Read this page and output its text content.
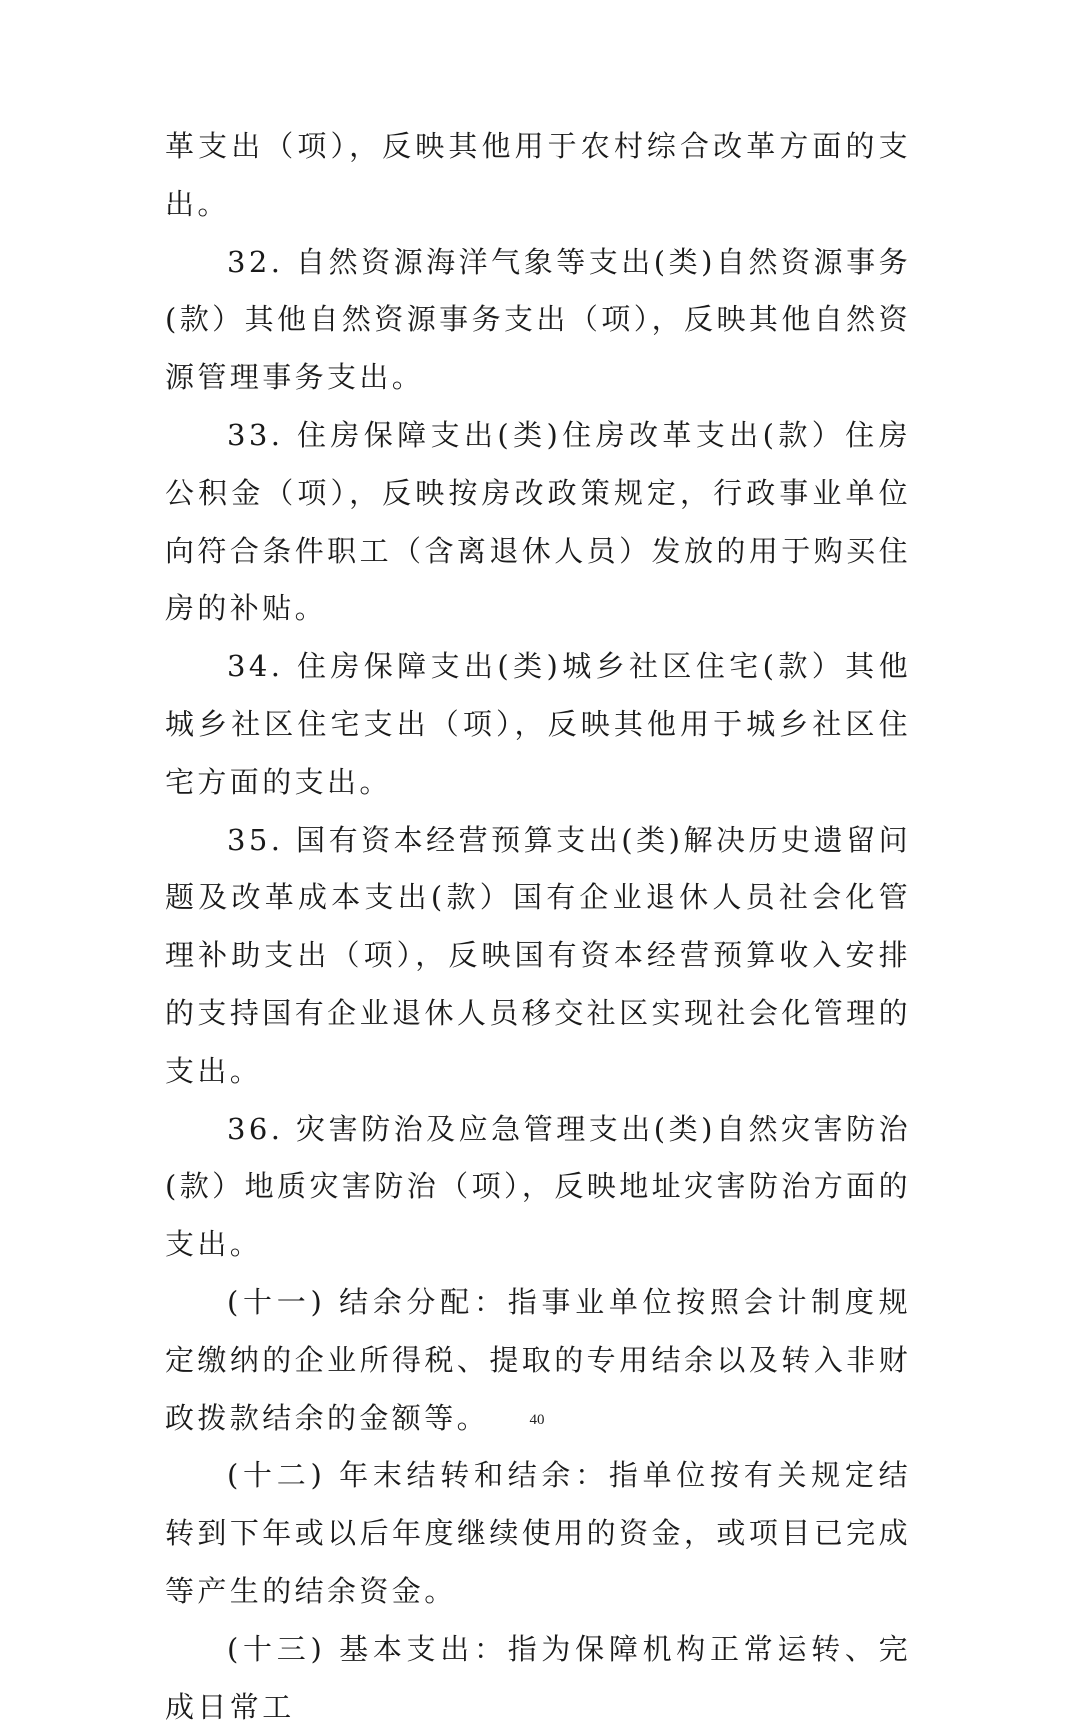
革支出（项），反映其他用于农村综合改革方面的支出。

32. 自然资源海洋气象等支出(类)自然资源事务(款）其他自然资源事务支出（项），反映其他自然资源管理事务支出。

33. 住房保障支出(类)住房改革支出(款）住房公积金（项），反映按房改政策规定，行政事业单位向符合条件职工（含离退休人员）发放的用于购买住房的补贴。

34. 住房保障支出(类)城乡社区住宅(款）其他城乡社区住宅支出（项），反映其他用于城乡社区住宅方面的支出。

35. 国有资本经营预算支出(类)解决历史遗留问题及改革成本支出(款）国有企业退休人员社会化管理补助支出（项），反映国有资本经营预算收入安排的支持国有企业退休人员移交社区实现社会化管理的支出。

36. 灾害防治及应急管理支出(类)自然灾害防治(款）地质灾害防治（项），反映地址灾害防治方面的支出。

(十一) 结余分配：指事业单位按照会计制度规定缴纳的企业所得税、提取的专用结余以及转入非财政拨款结余的金额等。

(十二) 年末结转和结余：指单位按有关规定结转到下年或以后年度继续使用的资金，或项目已完成等产生的结余资金。

(十三) 基本支出：指为保障机构正常运转、完成日常工

40
